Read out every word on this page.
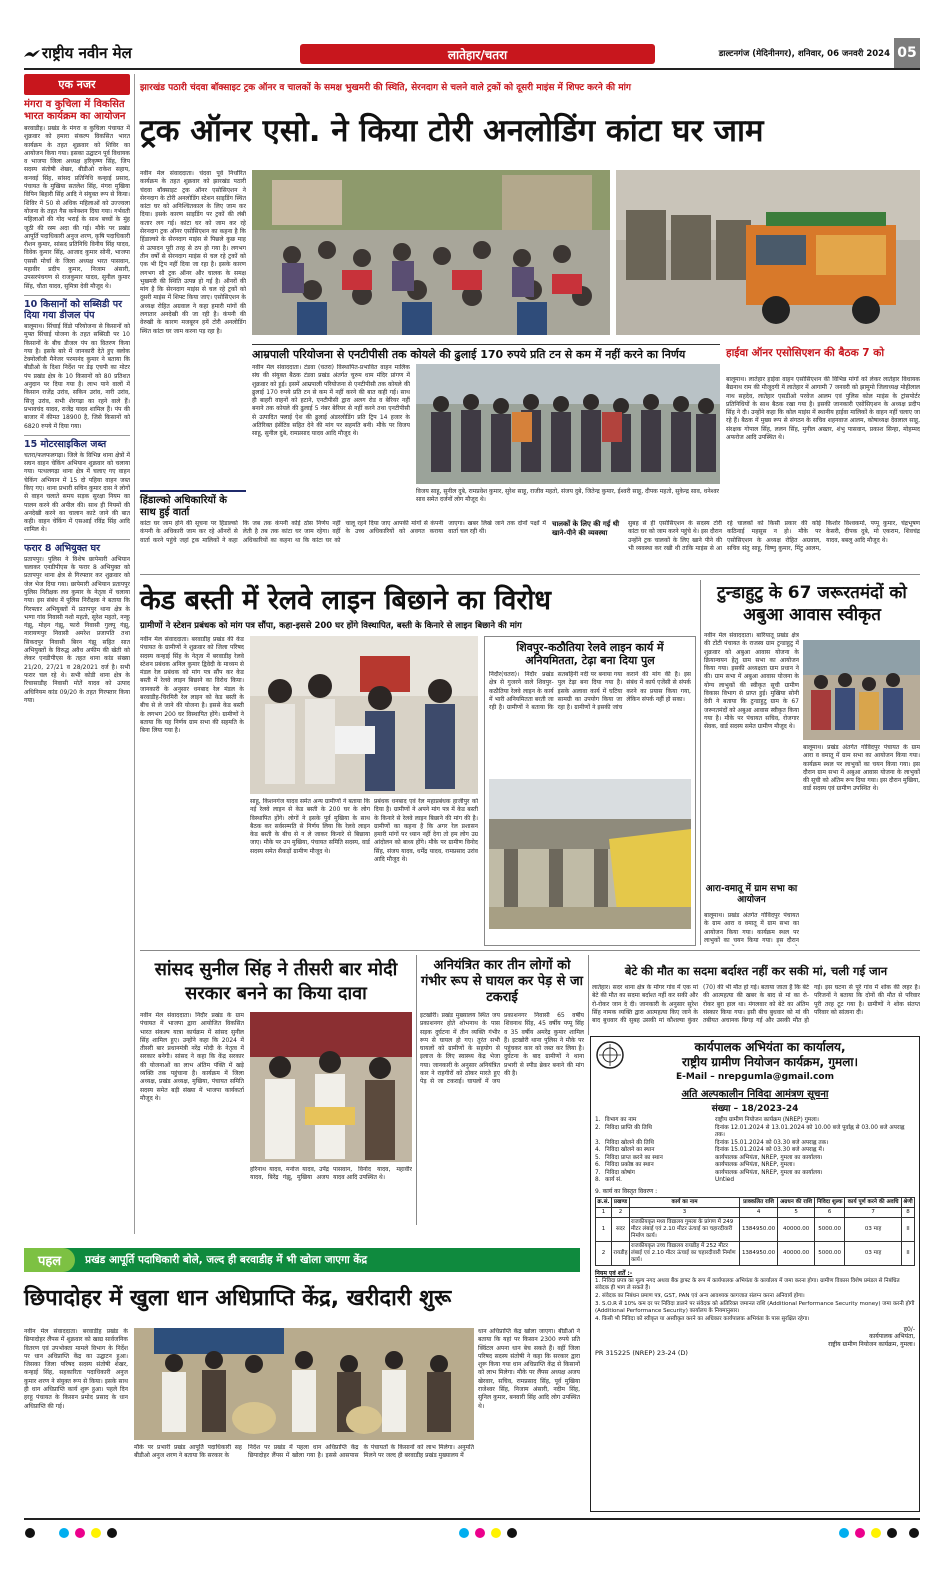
राष्ट्रीय नवीन मेल	लातेहार/चतरा	डाल्टनगंज (मेदिनीनगर), शनिवार, 06 जनवरी 2024 05
एक नजर
मंगरा व कुचिला में विकसित भारत कार्यक्रम का आयोजन
बरवाडीह। प्रखंड के मंगरा व कुचिला पंचायत में शुक्रवार को हमारा संकल्प विकसित भारत कार्यक्रम के तहत शुक्रवार को शिविर का आयोजन किया गया। इसका उद्घाटन पूर्व विधायक व भाजपा जिला अध्यक्ष हरिकृष्ण सिंह, जिप सदस्य संतोषी शेखर, बीडीओ राकेश सहाय, कनवई सिंह, सांसद प्रतिनिधि कन्हाई प्रसाद, पंचायत के मुखिया सतलेश सिंह, मंगरा मुखिया विपिन बिहारी सिंह आदि ने संयुक्त रूप से किया। शिविर में 50 से अधिक महिलाओं को उज्ज्वला योजना के तहत गैस कनेक्शन दिया गया। गर्भवती महिलाओं की गोद भराई के साथ बच्चों के मुंह जूठी की रस्म अदा की गई। मौके पर प्रखंड आपूर्ति पदाधिकारी अनुज शरण, कृषि पदाधिकारी रौशन कुमार, सांसद प्रतिनिधि विनीय सिंह यादव, विवेक कुमार सिंह, आजाद कुमार सोनी, भाजपा एससी मोर्चा के जिला अध्यक्ष भरत पासवान, महावीर प्रदीप कुमार, निजाम अंसारी, उपसरपंचगण से राजकुमार यादव, सुनील कुमार सिंह, चौता यादव, सुमित्रा देवी मौजूद थे।
10 किसानों को सब्सिडी पर दिया गया डीजल पंप
बालूमाथ। सिंचाई विंडो परियोजना से किसानों को मुफ्त सिंचाई योजना के तहत सब्सिडी पर 10 किसानों के बीच डीजल पंप का वितरण किया गया है। इसके बारे में जानकारी देते हुए क्लोक टेक्नोलॉजी मैनेजर परमानंद कुमार ने बताया कि बीडीओ के दिशा निर्देश पर डेढ़ एचपी का मोटर पंप प्रखंड क्षेत्र के 10 किसानों को 80 प्रतिशत अनुदान पर दिया गया है। लाभ पाने वालों में किसान राजेंद्र उरांव, सकिन उरांव, नारी उरांव, सिजु उरांव, सभी शेरगढ़ा का रहने वाले हैं। प्रभावचंद यादव, राजेंद्र यादव शामिल हैं। पंप की बाजार में कीमत 18900 है, जिसे किसानों को 6820 रुपये में दिया गया।
15 मोटरसाइकिल जब्त
चतरा/फलफलगढ़ा। जिले के विभिन्न थाना क्षेत्रों में सघन वाहन चेकिंग अभियान शुक्रवार को चलाया गया। पत्थलगढ़ा थाना क्षेत्र में चलाए गए वाहन चेकिंग अभियान में 15 दो पहिया वाहन जब्त किए गए। थाना प्रभारी सचिन कुमार दास ने लोगों से वाहन चलाते समय सड़क सुरक्षा नियम का पालन करने की अपील की। साथ ही नियमों की अनदेखी करने का चालान काटे जाने की बात कही। वाहन चेकिंग में एसआई रविंद्र सिंह आदि शामिल थे।
फरार 8 अभियुक्त घर
प्रतापपुर। पुलिस ने विशेष छापेमारी अभियान चलाकर एनडीपीएस के फरार 8 अभियुक्त को प्रतापपुर थाना क्षेत्र से गिरफ्तार कर शुक्रवार को जेल भेज दिया गया। छापेमारी अभियान प्रतापपुर पुलिस निरीक्षक लव कुमार के नेतृत्व में चलाया गया। इस संबंध में पुलिस निरीक्षक ने बताया कि गिरफ्तार अभियुक्तों में प्रतापपुर थाना क्षेत्र के भग्गा गांव निवासी नशो महतो, सुरेश महतो, नन्कू गंझू, मोहन गंझू, फारो निवासी गुलपू गंझू, नारायणपुर निवासी अमरेश प्रजापति तथा सिकदपुर निवासी बिरन गंझू सहित सात अभियुक्तों के विरुद्ध अवैध अफीम की खेती को लेकर एनडीपीएस के तहत थाना कांड संख्या 21/20, 27/21 व 28/2021 दर्ज है। सभी फरार चल रहे थे। सभी कोडी थाना क्षेत्र के रिचासाडीह निवासी मोतेंं यादव को उत्पाद अधिनियम कांड 09/20 के तहत गिरफ्तार किया गया।
झारखंड पठारी चंदवा बॉक्साइट ट्रक ऑनर व चालकों के समक्ष भुखमरी की स्थिति, सेरनदाग से चलने वाले ट्रकों को दूसरी माइंस में शिफ्ट करने की मांग
ट्रक ऑनर एसो. ने किया टोरी अनलोडिंग कांटा घर जाम
नवीन मेल संवाददाता। चंदवा पूर्व निर्धारित कार्यक्रम के तहत शुक्रवार को झारखंड पठारी चंदवा बॉक्साइट ट्रक ऑनर एसोसिएशन ने सेरनदाग के टोरी अनलोडिंग स्टेशन साइडिंग स्थित कांटा घर को अनिश्चितकाल के लिए जाम कर दिया। इसके कारण साइडिंग पर ट्रकों की लंबी कतार लग गई। कांटा घर को जाम कर रहे सेरनदाग ट्रक ऑनर एसोसिएशन का कहना है कि हिंडाल्को के सेरनदाग माइंस से पिछले कुछ माह से उत्पादन पूरी तरह से ठप हो गया है। लगभग तीन वर्षों से सेरनदाग माइंस से चल रहे ट्रकों को एक भी ट्रिप नहीं दिया जा रहा है। इसके कारण लगभग सौ ट्रक ऑनर और चालक के समक्ष भुखमरी की स्थिति उत्पन्न हो गई है। ऑनरों की मांग है कि सेरनदाग माइंस से चल रहे ट्रकों को दूसरी माइंस में शिफ्ट किया जाए। एसोसिएशन के अध्यक्ष रोहित अग्रवाल ने कहा हमारी मांगों की लगातार अनदेखी की जा रही है। कंपनी की वेरुखी के कारण मजबूरन हमें टोरी अनलोडिंग स्थित कांटा घर जाम करना पड़ रहा है।
हिंडाल्को अधिकारियों के साथ हुई वार्ता
आम्रपाली परियोजना से एनटीपीसी तक कोयले की ढुलाई 170 रुपये प्रति टन से कम में नहीं करने का निर्णय
नवीन मेल संवाददाता। टंडवा (चतरा) विस्थापित-प्रभावित वाहन मालिक संघ की संयुक्त बैठक टंडवा प्रखंड अंतर्गत चुरुम धाम मंदिर प्रांगण में शुक्रवार को हुई। इसमें आम्रपाली परियोजना से एनटीपीसी तक कोयले की ढुलाई 170 रुपये प्रति टन से कम में नहीं करने की बात कही गई। साथ ही बाहरी वाहनों को हटाने, एनटीपीसी द्वारा अलग रोड व बेरियर नहीं बनाने तक कोयले की ढुलाई 5 नंबर बेरियर से नहीं करने तथा एनटीपीसी से उत्पादित फ्लाई ऐश की ढुलाई अंडरलोडिंग प्रति ट्रिप 14 हजार के अतिरिक्त इंसेंटिव सहित देने की मांग पर सहमति बनी। मौके पर विजय साहू, सुनील दुबे, रामप्रसाद यादव आदि मौजूद थे।
विजय साहू, सुनील दुबे, रामप्रवेश कुमार, सुरेश साहू, राजीव महतो, संजय दुबे, जितेन्द्र कुमार, ईश्वरी साहू, दीपक महतो, सुकेन्द्र साव, धनेश्वर साव समेत दर्जनों लोग मौजूद थे।
हाईवा ऑनर एसोसिएशन की बैठक 7 को
बालूमाथ। लातेहार हाईवा वाहन एसोसिएशन की विभिन्न मांगों को लेकर लातेहार विधायक बैद्यनाथ राम की मौजूदगी में लातेहार में आगामी 7 जनवरी को झामुमो जिलाध्यक्ष मोहीलाल नाथ सहदेव, लातेहार एसडीओ परवेज आलम एवं पुलिस कोल माइंस के ट्रांसपोर्टर प्रतिनिधियों के साथ बैठक रखा गया है। इसकी जानकारी एसोसिएशन के अध्यक्ष प्रदीप सिंह ने दी। उन्होंने कहा कि कोल माइंस में स्थानीय हाईवा मालिकों के वाहन नहीं चलाए जा रहे हैं। बैठक में मुख्य रूप से संगठन के सचिव शहनवाज आलम, कोषाध्यक्ष देवलाल साहू, संरक्षक गोपाल सिंह, ललन सिंह, मुनील अख्तर, शंभु पासवान, प्रकाश सिन्हा, मोहम्मद अफरोज आदि उपस्थित थे।
कांटा घर जाम होने की सूचना पर हिंडाल्को कंपनी के अधिकारी जाम कर रहे ऑनरों से वार्ता करने पहुंचे जहां ट्रक मालिकों ने कहा कि जब तक कंपनी कोई ठोस निर्णय नहीं लेती है तब तक कांटा घर जाम रहेगा। वहीं अधिकारियों का कहना था कि कांटा घर को चालू रहने दिया जाए आपकी मांगों से कंपनी के उच्च अधिकारियों को अवगत कराया जाएगा। खबर लिखे जाने तक दोनों पक्षों में वार्ता चल रही थी।
चालकों के लिए की गई थी खाने-पीने की व्यवस्था
सुबह से ही एसोसिएशन के सदस्य टोरी कांटा घर को जाम करने पहुंचे थे। इस दौरान उन्होंने ट्रक चालकों के लिए खाने पीने की भी व्यवस्था कर रखी थी ताकि माइंस से आ रहे चालकों को किसी प्रकार की कोई कठिनाई महसूस न हो। मौके पर एसोसिएशन के अध्यक्ष रोहित अग्रवाल, सचिव संतु साहू, विष्णु कुमार, मिंटु आलम, किशोर विश्वकर्मा, पप्पू कुमार, चंद्रभूषण केसरी, दीपक दुबे, मो एकराम, शिवचंद्र यादव, बबलू आदि मौजूद थे।
केड बस्ती में रेलवे लाइन बिछाने का विरोध
ग्रामीणों ने स्टेशन प्रबंधक को मांग पत्र सौंपा, कहा-इससे 200 घर होंगे विस्थापित, बस्ती के किनारे से लाइन बिछाने की मांग
नवीन मेल संवाददाता। बरवाडीह प्रखंड की केड पंचायत के ग्रामीणों ने शुक्रवार को जिला परिषद सदस्य कन्हाई सिंह के नेतृत्व में बरवाडीह रेलवे स्टेशन प्रबंधक अनिल कुमार द्विवेदी के माध्यम से मंडल रेल प्रबंधक को मांग पत्र सौंप कर केड बस्ती में रेलवे लाइन बिछाने का विरोध किया। जानकारी के अनुसार धनबाद रेल मंडल के बरवाडीह-चिरमिरी रेल लाइन को केड बस्ती के बीच से ले जाने की योजना है। इससे केड बस्ती के लगभग 200 घर विस्थापित होंगे। ग्रामीणों ने बताया कि यह निर्णय ग्राम सभा की सहमति के बिना लिया गया है।
साहू, किशनगंज यादव समेत अन्य ग्रामीणों ने बताया कि नई रेलवे लाइन से केड बस्ती के 200 घर के लोग विस्थापित होंगे। लोगों ने इसके पूर्व मुखिया के साथ बैठक कर सर्वसम्मति से निर्णय लिया कि रेलवे लाइन केड बस्ती के बीच से न ले जाकर किनारे से बिछाया जाए। मौके पर उप मुखिया, पंचायत समिति सदस्य, वार्ड सदस्य समेत सैकड़ों ग्रामीण मौजूद थे।
प्रबंधक धनबाद एवं रेल महाप्रबंधक हाजीपुर को दिया है। ग्रामीणों ने अपने मांग पत्र में केड बस्ती के किनारे से रेलवे लाइन बिछाने की मांग की है। ग्रामीणों का कहना है कि अगर रेल प्रशासन हमारी मांगों पर ध्यान नहीं देगा तो हम लोग उग्र आंदोलन को बाध्य होंगे। मौके पर ग्रामीण विनोद सिंह, संजय यादव, धर्मेंद्र यादव, रामप्रसाद उरांव आदि मौजूद थे।
शिवपुर-कठौतिया रेलवे लाइन कार्य में अनियमितता, टेढ़ा बना दिया पुल
निंदौर(चतरा)। निंदौर प्रखंड क्षेत्र से गुजरने वाले शिवपुर-कठौतिया रेलवे लाइन के कार्य में भारी अनियमितता बरती जा रही है। ग्रामीणों ने बताया कि सतबहिनी नदी पर बनाया गया पुल टेढ़ा बना दिया गया है। इसके अलावा कार्य में घटिया सामग्री का उपयोग किया जा रहा है। ग्रामीणों ने इसकी जांच कराने की मांग की है। इस संबंध में कार्य एजेंसी से संपर्क करने का प्रयास किया गया, लेकिन संपर्क नहीं हो सका।
टुन्डाहुटु के 67 जरूरतमंदों को अबुआ आवास स्वीकृत
नवीन मेल संवाददाता। बारियातू प्रखंड क्षेत्र की टोंटी पंचायत के राजस्व ग्राम टुन्डाहुटु में शुक्रवार को अबुआ आवास योजना के क्रियान्वयन हेतु ग्राम सभा का आयोजन किया गया। इसकी अध्यक्षता ग्राम प्रधान ने की। ग्राम सभा में अबुआ आवास योजना के योग्य लाभुकों की स्वीकृत सूची ग्रामीण विकास विभाग से प्राप्त हुई। मुखिया सोनी देवी ने बताया कि टुन्डाहुटु ग्राम के 67 जरूरतमंदों को अबुआ आवास स्वीकृत किया गया है। मौके पर पंचायत सचिव, रोजगार सेवक, वार्ड सदस्य समेत ग्रामीण मौजूद थे।
बालूमाथ। प्रखंड अंतर्गत गोविंदपुर पंचायत के ग्राम आरा व वमातू में ग्राम सभा का आयोजन किया गया। कार्यक्रम स्थल पर लाभुकों का चयन किया गया। इस दौरान ग्राम सभा में अबुआ आवास योजना के लाभुकों की सूची को अंतिम रूप दिया गया। इस दौरान मुखिया, वार्ड सदस्य एवं ग्रामीण उपस्थित थे।
आरा-वमातू में ग्राम सभा का आयोजन
बालूमाथ। प्रखंड अंतर्गत गोविंदपुर पंचायत के ग्राम आरा व वमातू में ग्राम सभा का आयोजन किया गया। कार्यक्रम स्थल पर लाभुकों का चयन किया गया। इस दौरान
सांसद सुनील सिंह ने तीसरी बार मोदी सरकार बनने का किया दावा
नवीन मेल संवाददाता। निंदौर प्रखंड के ग्राम पंचायत में भाजपा द्वारा आयोजित विकसित भारत संकल्प यात्रा कार्यक्रम में सांसद सुनील सिंह शामिल हुए। उन्होंने कहा कि 2024 में तीसरी बार प्रधानमंत्री नरेंद्र मोदी के नेतृत्व में सरकार बनेगी। सांसद ने कहा कि केंद्र सरकार की योजनाओं का लाभ अंतिम पंक्ति में खड़े व्यक्ति तक पहुंचाना है। कार्यक्रम में जिला अध्यक्ष, प्रखंड अध्यक्ष, मुखिया, पंचायत समिति सदस्य समेत बड़ी संख्या में भाजपा कार्यकर्ता मौजूद थे।
हरिनाथ यादव, मनोज यादव, उपेंद्र यादव, बिरेंद्र गंझू, मुखिया अजय पासवान, विनोद यादव, महावीर यादव आदि उपस्थित थे।
अनियंत्रित कार तीन लोगों को गंभीर रूप से घायल कर पेड़ से जा टकराई
इटखोरी। प्रखंड मुख्यालय स्थित जय प्रकाशनगर होते शोभनाथ के पास सड़क दुर्घटना में तीन व्यक्ति गंभीर रूप से घायल हो गए। तुरंत सभी घायलों को ग्रामीणों के सहयोग से इलाज के लिए स्वास्थ्य केंद्र भेजा गया। जानकारी के अनुसार अनियंत्रित कार ने राहगीरों को ठोकर मारते हुए पेड़ से जा टकराई। घायलों में जय प्रकाशनगर निवासी 65 वर्षीय शिवनाथ सिंह, 45 वर्षीय पप्पू सिंह व 35 वर्षीय अमरेंद्र कुमार शामिल हैं। इटखोरी थाना पुलिस ने मौके पर पहुंचकर कार को जब्त कर लिया है। दुर्घटना के बाद ग्रामीणों ने थाना प्रभारी से स्पीड ब्रेकर बनाने की मांग की है।
बेटे की मौत का सदमा बर्दाश्त नहीं कर सकी मां, चली गई जान
लातेहार। सदर थाना क्षेत्र के मोंगर गांव में एक मां बेटे की मौत का सदमा बर्दाश्त नहीं कर सकी और रो-रोकर जान दे दी। जानकारी के अनुसार सुरेश सिंह नामक व्यक्ति द्वारा आत्महत्या किए जाने के बाद बुधवार की सुबह उसकी मां कौशल्या कुंवर (70) की भी मौत हो गई। बताया जाता है कि बेटे की आत्महत्या की खबर के बाद से मां का रो-रोकर बुरा हाल था। मंगलवार को बेटे का अंतिम संस्कार किया गया। इसी बीच बुधवार को मां की तबीयत अचानक बिगड़ गई और उसकी मौत हो गई। इस घटना से पूरे गांव में शोक की लहर है। परिजनों ने बताया कि दोनों की मौत से परिवार पूरी तरह टूट गया है। ग्रामीणों ने शोक संतप्त परिवार को सांत्वना दी।
कार्यपालक अभियंता का कार्यालय,
राष्ट्रीय ग्रामीण नियोजन कार्यक्रम, गुमला।
E-Mail – nrepgumla@gmail.com
अति अल्पकालीन निविदा आमंत्रण सूचना
संख्या – 18/2023-24
1. विभाग का नाम	राष्ट्रीय ग्रामीण नियोजन कार्यक्रम (NREP) गुमला।
2. निविदा प्राप्ति की तिथि	दिनांक 12.01.2024 से 13.01.2024 को 10.00 बजे पूर्वाह्न से 03.00 बजे अपराह्न तक।
3. निविदा खोलने की तिथि	दिनांक 15.01.2024 को 03.30 बजे अपराह्न तक।
4. निविदा खोलने का स्थान	दिनांक 15.01.2024 को 03.30 बजे अपराह्न में।
5. निविदा प्राप्त करने का स्थान	कार्यपालक अभियंता, NREP, गुमला का कार्यालय।
6. निविदा प्रकोष्ठ का स्थान	कार्यपालक अभियंता, NREP, गुमला।
7. निविदा कोषांग	कार्यपालक अभियंता, NREP, गुमला का कार्यालय।
8. कार्य सं.	Untied
9. कार्य का विस्तृत विवरण :
क्र.सं.	प्रखण्ड	कार्य का नाम	प्राक्कलित राशि	अग्रधन की राशि	निविदा शुल्क	कार्य पूर्ण करने की अवधि	श्रेणी
1	2	3	4	5	6	7	8
1	सदर	राजकीयकृत मध्य विद्यालय गुमला के प्रांगण में 249 मीटर लंबाई एवं 2.10 मीटर ऊंचाई का चहारदीवारी निर्माण कार्य।	1384950.00	40000.00	5000.00	03 माह	II
2	रायडीह	राजकीयकृत उच्च विद्यालय रायडीह में 252 मीटर लंबाई एवं 2.10 मीटर ऊंचाई का चहारदीवारी निर्माण कार्य।	1384950.00	40000.00	5000.00	03 माह	II
नियम एवं शर्तें :-
1. निविदा प्रपत्र का मूल्य नगद अथवा बैंक ड्राफ्ट के रूप में कार्यपालक अभियंता के कार्यालय में जमा करना होगा। ग्रामीण विकास विशेष प्रमंडल से निबंधित संवेदक ही भाग ले सकते हैं।
2. संवेदक का निबंधन प्रमाण पत्र, GST, PAN एवं अन्य आवश्यक कागजात संलग्न करना अनिवार्य होगा।
3. S.O.R से 10% कम दर पर निविदा डालने पर संवेदक को अतिरिक्त जमानत राशि (Additional Performance Security money) जमा करनी होगी (Additional Performance Security) कार्यालय के नियमानुसार।
4. किसी भी निविदा को स्वीकृत या अस्वीकृत करने का अधिकार कार्यपालक अभियंता के पास सुरक्षित रहेगा।
ह0/-
कार्यपालक अभियंता,
राष्ट्रीय ग्रामीण नियोजन कार्यक्रम, गुमला।
PR 315225 (NREP) 23-24 (D)
पहल प्रखंड आपूर्ति पदाधिकारी बोले, जल्द ही बरवाडीह में भी खोला जाएगा केंद्र
छिपादोहर में खुला धान अधिप्राप्ति केंद्र, खरीदारी शुरू
नवीन मेल संवाददाता। बरवाडीह प्रखंड के छिपादोहर लैंपस में शुक्रवार को खाद्य सार्वजनिक वितरण एवं उपभोक्ता मामले विभाग के निर्देश पर धान अधिप्राप्ति केंद्र का उद्घाटन हुआ। जिसका जिला परिषद सदस्य संतोषी शेखर, कन्हाई सिंह, सहकारिता पदाधिकारी अनुज कुमार शरण ने संयुक्त रूप से किया। इसके साथ ही धान अधिप्राप्ति कार्य शुरू हुआ। पहले दिन हरहु पंचायत के किसान प्रमोद प्रसाद के धान अधिप्राप्ति की गई।
मौके पर प्रभारी प्रखंड आपूर्ति पदाधिकारी सह बीडीओ अनुज शरण ने बताया कि सरकार के
निर्देश पर प्रखंड में पहला धान अधिप्राप्ति केंद्र छिपादोहर लैंपस में खोला गया है। इससे आसपास के पंचायतों के किसानों को लाभ मिलेगा। अनुमति मिलने पर जल्द ही बरवाडीह प्रखंड मुख्यालय में
धान अधिप्राप्ति केंद्र खोला जाएगा। बीडीओ ने बताया कि यहां पर किसान 2300 रुपये प्रति क्विंटल अपना धान बेच सकते हैं। वहीं जिला परिषद सदस्य संतोषी ने कहा कि सरकार द्वारा शुरू किया गया धान अधिप्राप्ति केंद्र से किसानों को लाभ मिलेगा। मौके पर लैंपस अध्यक्ष अजय खेरवार, सचिव, रामप्रसाद सिंह, पूर्व मुखिया राजेश्वर सिंह, निजाम अंसारी, नदीम सिंह, सुनिल कुमार, बनवारी सिंह आदि लोग उपस्थित थे।
